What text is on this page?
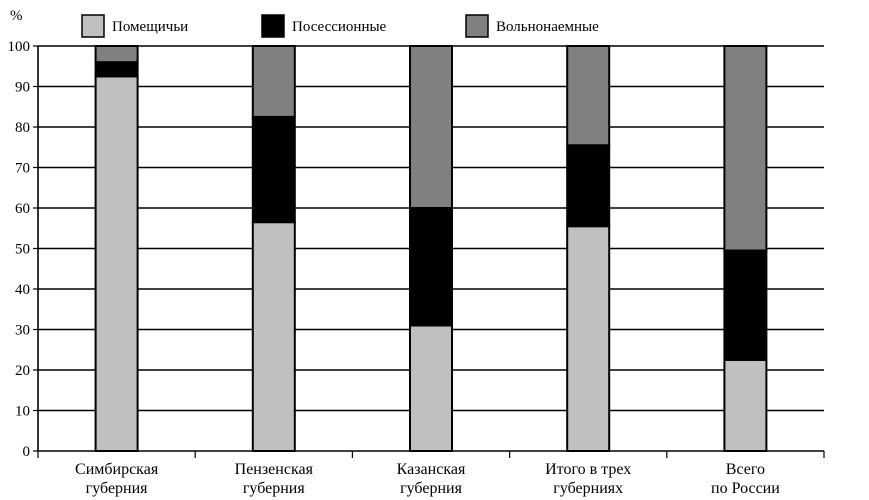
0
10
20
30
40
50
60
70
80
90
100
Симбирская
губерния
Пензенская
губерния
Казанская
губерния
Итого в трех
губерниях
Всего
по России
%
Помещичьи	Посессионные	Вольнонаемные
